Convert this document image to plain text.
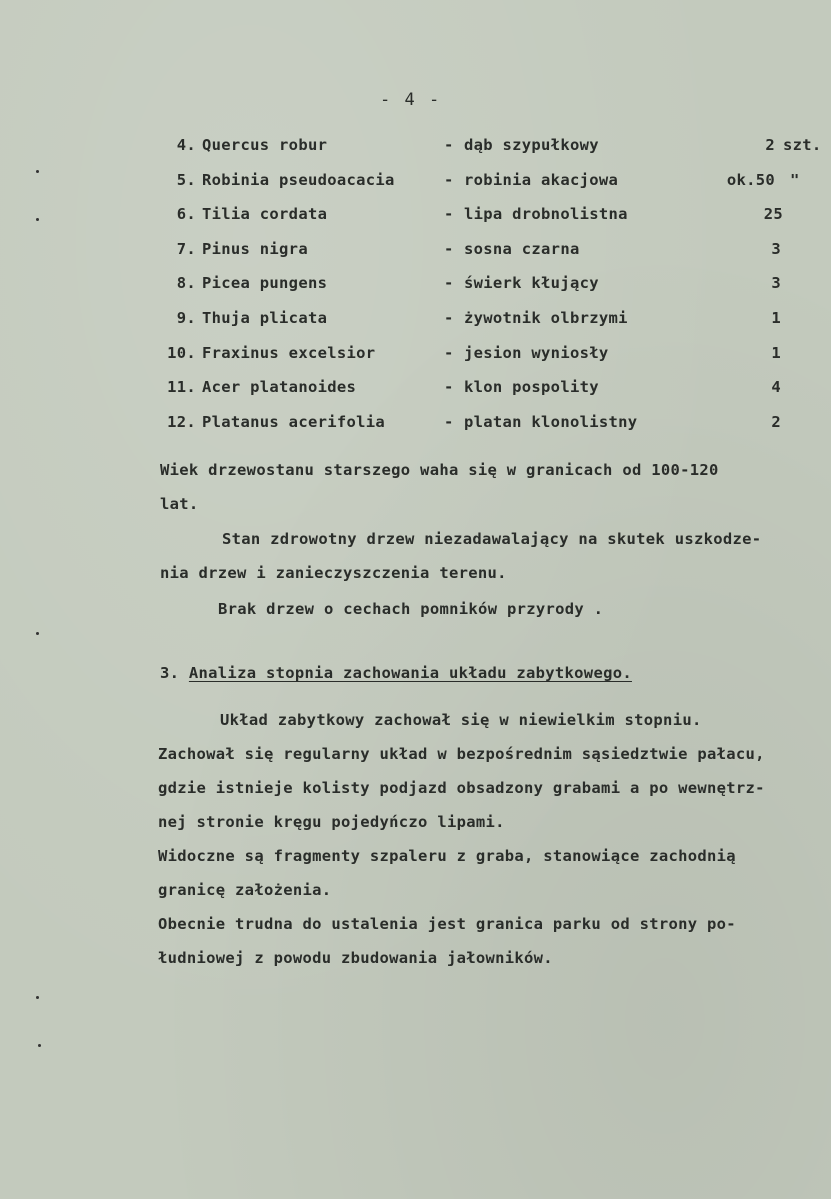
- 4 -
4. Quercus robur	- dąb szypułkowy	2 szt.
5. Robinia pseudoacacia	- robinia akacjowa	ok.50 "
6. Tilia cordata	- lipa drobnolistna	25
7. Pinus nigra	- sosna czarna	3
8. Picea pungens	- świerk kłujący	3
9. Thuja plicata	- żywotnik olbrzymi	1
10. Fraxinus excelsior	- jesion wyniosły	1
11. Acer platanoides	- klon pospolity	4
12. Platanus acerifolia	- platan klonolistny	2
Wiek drzewostanu starszego waha się w granicach od 100-120
lat.
Stan zdrowotny drzew niezadawalający na skutek uszkodze-
nia drzew i zanieczyszczenia terenu.
Brak drzew o cechach pomników przyrody .
3. Analiza stopnia zachowania układu zabytkowego.
Układ zabytkowy zachował się w niewielkim stopniu.
Zachował się regularny układ w bezpośrednim sąsiedztwie pałacu,
gdzie istnieje kolisty podjazd obsadzony grabami a po wewnętrz-
nej stronie kręgu pojedyńczo lipami.
Widoczne są fragmenty szpaleru z graba, stanowiące zachodnią
granicę założenia.
Obecnie trudna do ustalenia jest granica parku od strony po-
łudniowej z powodu zbudowania jałowników.
